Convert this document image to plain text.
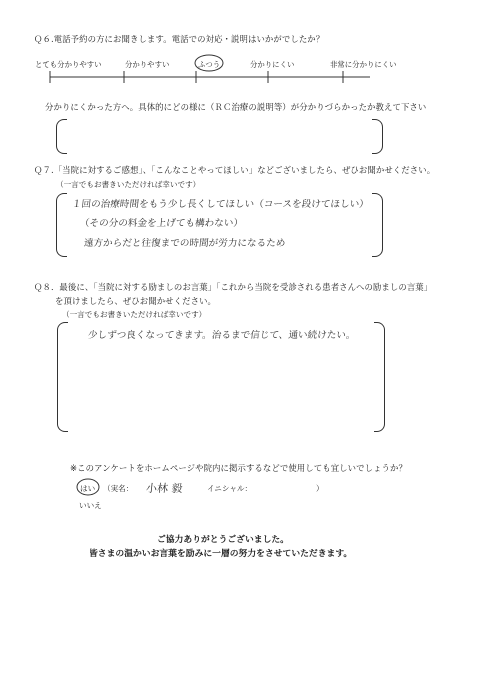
Ｑ６.電話予約の方にお聞きします。電話での対応・説明はいかがでしたか？
とても分かりやすい	分かりやすい	ふつう	分かりにくい	非常に分かりにくい
分かりにくかった方へ。具体的にどの様に（ＲＣ治療の説明等）が分かりづらかったか教えて下さい
Ｑ７.「当院に対するご感想」、「こんなことやってほしい」などございましたら、ぜひお聞かせください。
（一言でもお書きいただければ幸いです）
１回の治療時間をもう少し長くしてほしい（コースを段けてほしい）
（その分の料金を上げても構わない）
遠方からだと往復までの時間が労力になるため
Ｑ８．最後に、「当院に対する励ましのお言葉」「これから当院を受診される患者さんへの励ましの言葉」
を頂けましたら、ぜひお聞かせください。
（一言でもお書きいただければ幸いです）
少しずつ良くなってきます。治るまで信じて、通い続けたい。
※このアンケートをホームページや院内に掲示するなどで使用しても宜しいでしょうか？
はい （実名： 小林 毅	イニシャル：	）
いいえ
ご協力ありがとうございました。
皆さまの温かいお言葉を励みに一層の努力をさせていただきます。
